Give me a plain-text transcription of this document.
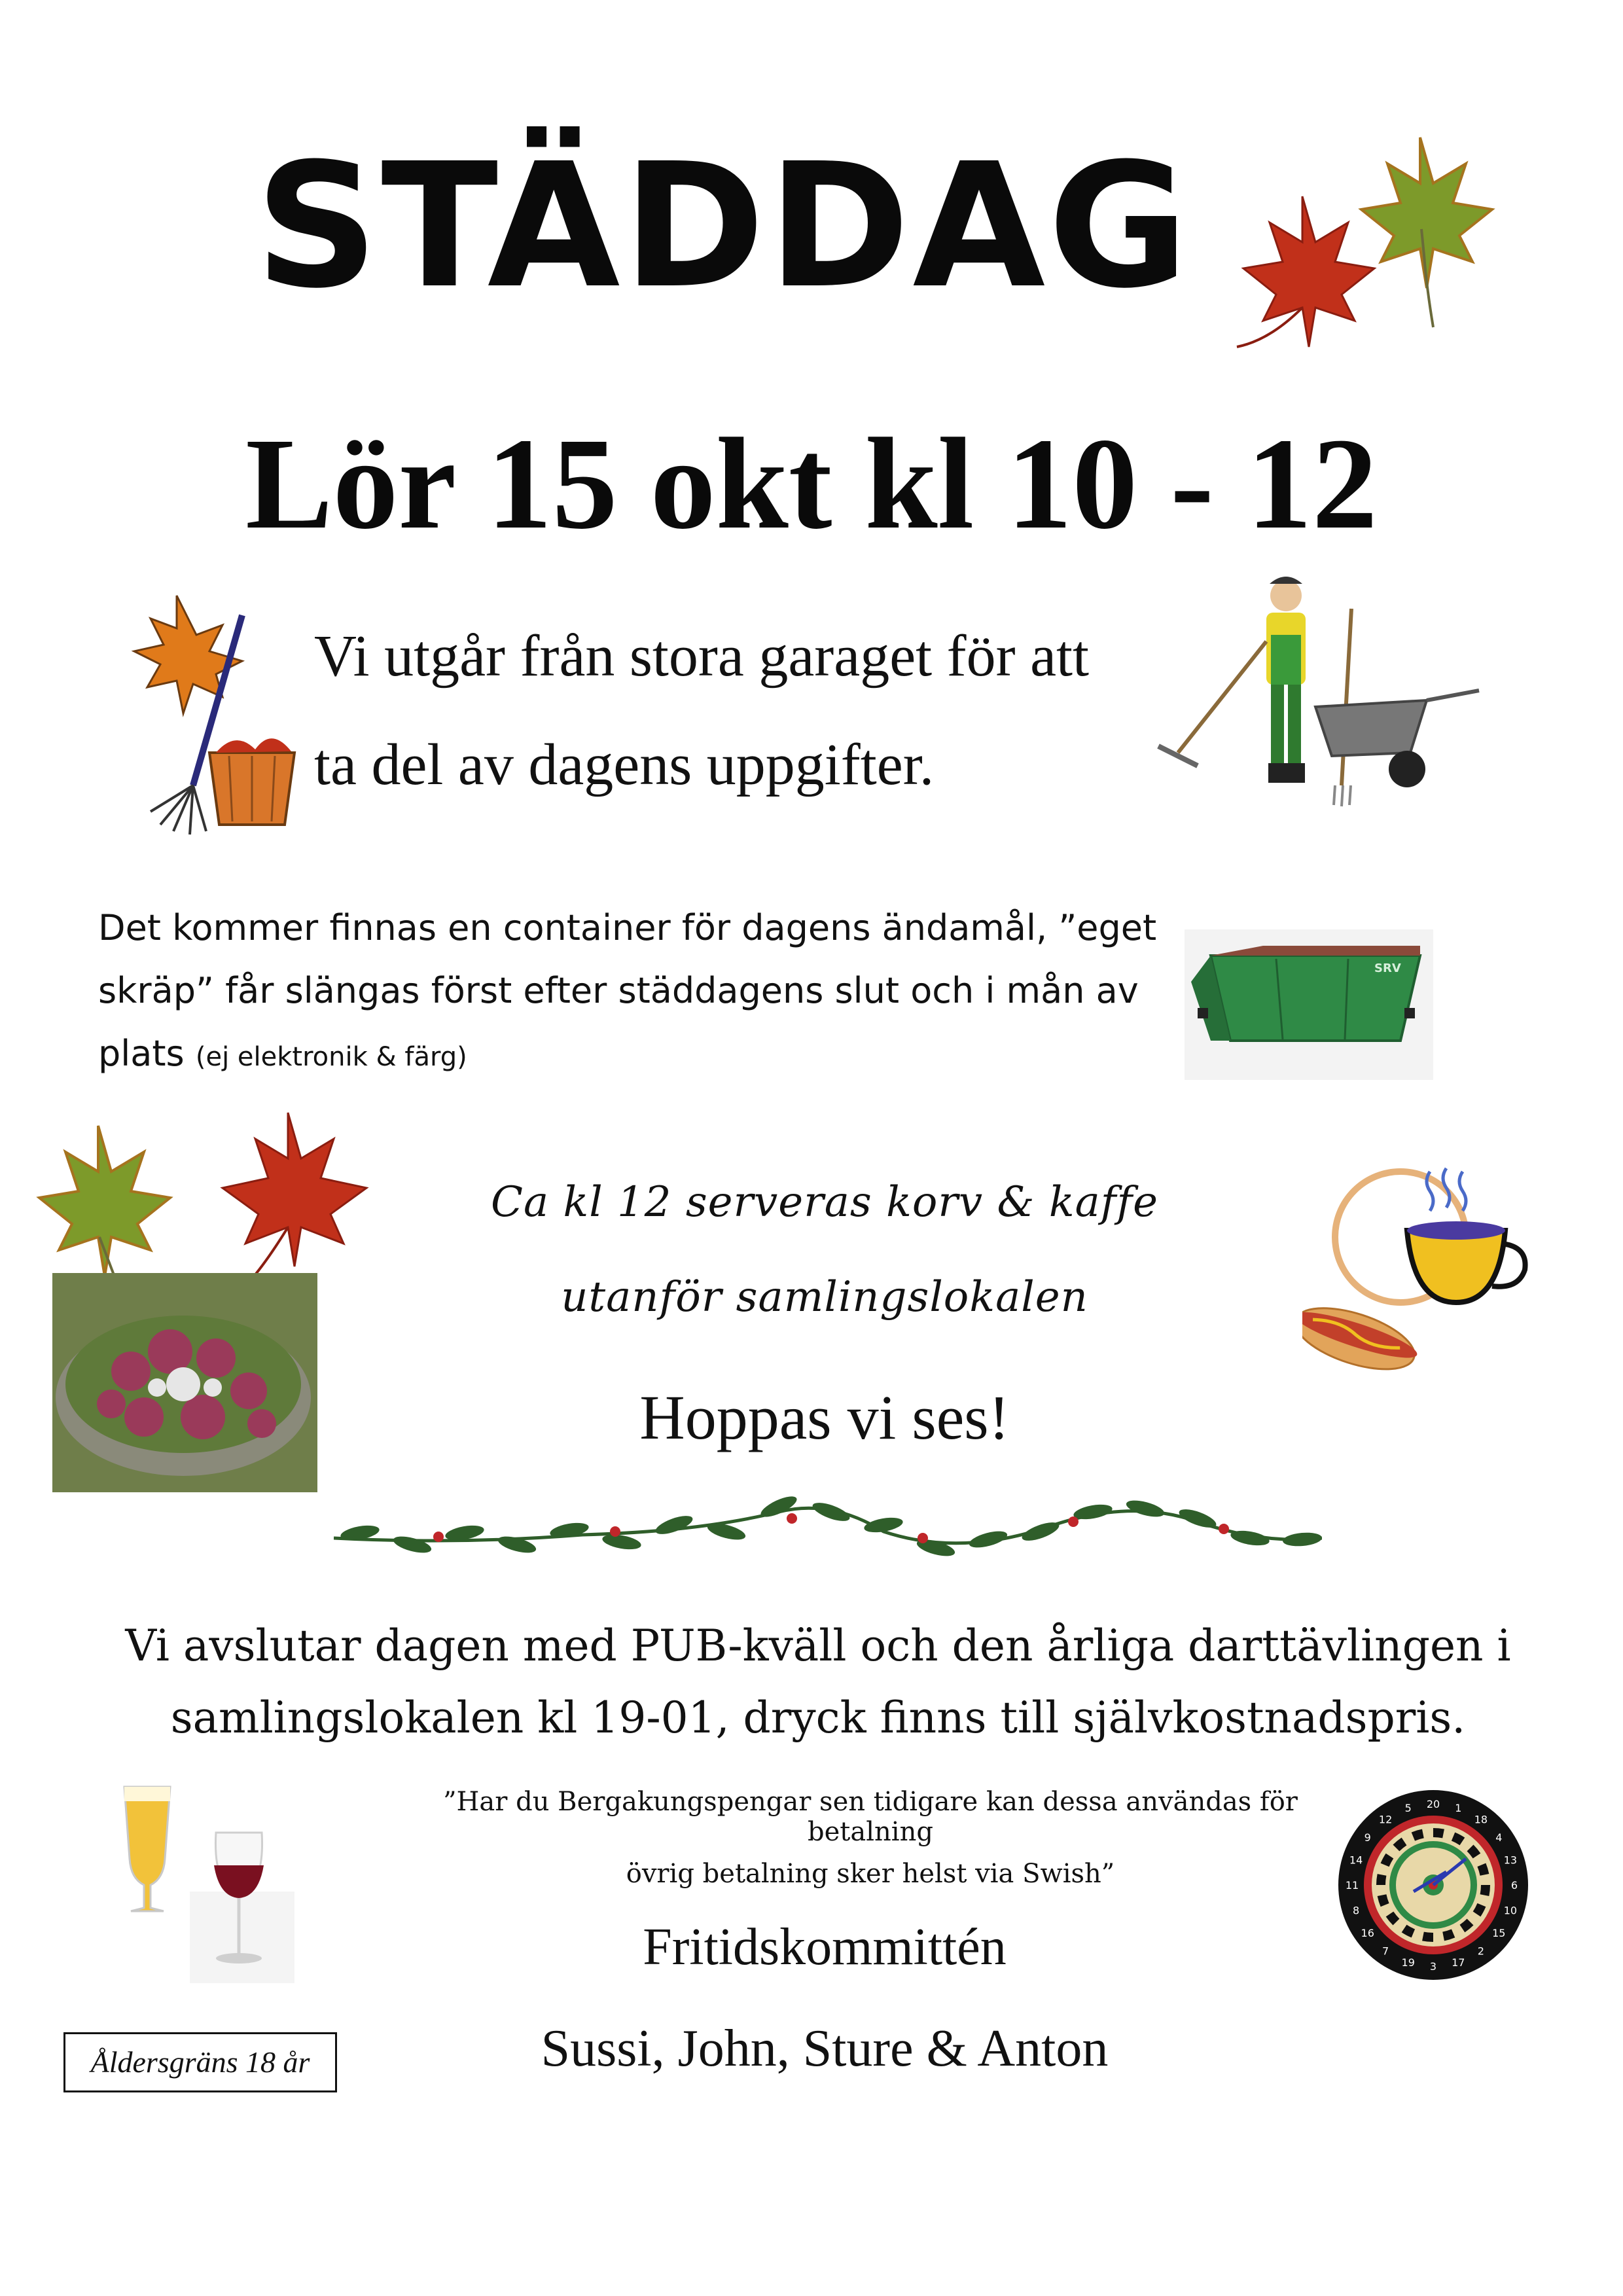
STÄDDAG
Lör 15 okt kl 10 - 12
Vi utgår från stora garaget för att
ta del av dagens uppgifter.
Det kommer finnas en container för dagens ändamål, ”eget
skräp” får slängas först efter städdagens slut och i mån av
plats (ej elektronik & färg)
SRV
Ca kl 12 serveras korv & kaffe
utanför samlingslokalen
Hoppas vi ses!
Vi avslutar dagen med PUB-kväll och den årliga darttävlingen i
samlingslokalen kl 19-01, dryck finns till självkostnadspris.
”Har du Bergakungspengar sen tidigare kan dessa användas för betalning
övrig betalning sker helst via Swish”
20 1
18
4
13
6
10
15
2
17
3
19
7
16
8
11
14
9
12
5
Fritidskommittén
Sussi, John, Sture & Anton
Åldersgräns 18 år
